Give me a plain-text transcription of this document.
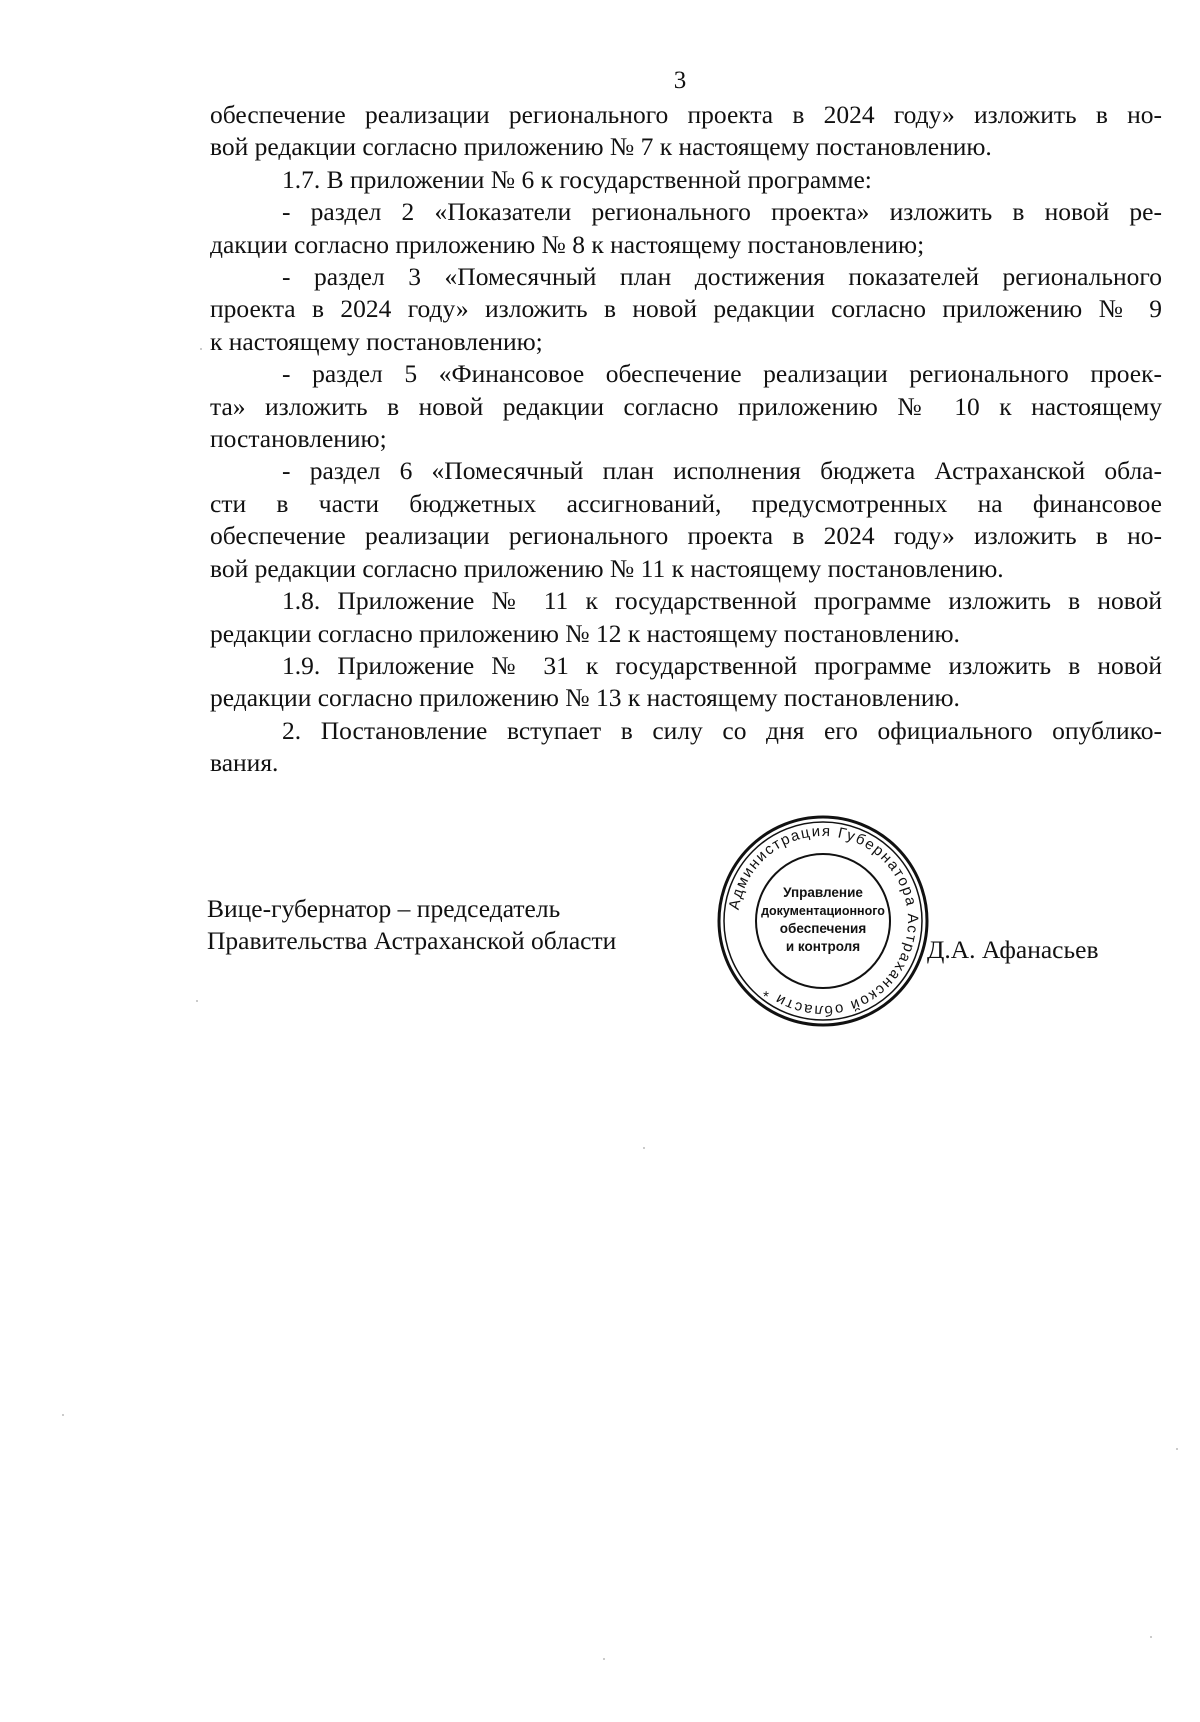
3

обеспечение реализации регионального проекта в 2024 году» изложить в но-
вой редакции согласно приложению № 7 к настоящему постановлению.

1.7. В приложении № 6 к государственной программе:

- раздел 2 «Показатели регионального проекта» изложить в новой ре-
дакции согласно приложению № 8 к настоящему постановлению;

- раздел 3 «Помесячный план достижения показателей регионального
проекта в 2024 году» изложить в новой редакции согласно приложению № 9
к настоящему постановлению;

- раздел 5 «Финансовое обеспечение реализации регионального проек-
та» изложить в новой редакции согласно приложению № 10 к настоящему
постановлению;

- раздел 6 «Помесячный план исполнения бюджета Астраханской обла-
сти в части бюджетных ассигнований, предусмотренных на финансовое
обеспечение реализации регионального проекта в 2024 году» изложить в но-
вой редакции согласно приложению № 11 к настоящему постановлению.

1.8. Приложение № 11 к государственной программе изложить в новой
редакции согласно приложению № 12 к настоящему постановлению.

1.9. Приложение № 31 к государственной программе изложить в новой
редакции согласно приложению № 13 к настоящему постановлению.

2. Постановление вступает в силу со дня его официального опублико-
вания.

Вице-губернатор – председатель
Правительства Астраханской области
Администрация Губернатора Астраханской области *
Управление
документационного
обеспечения
и контроля	Д.А. Афанасьев
